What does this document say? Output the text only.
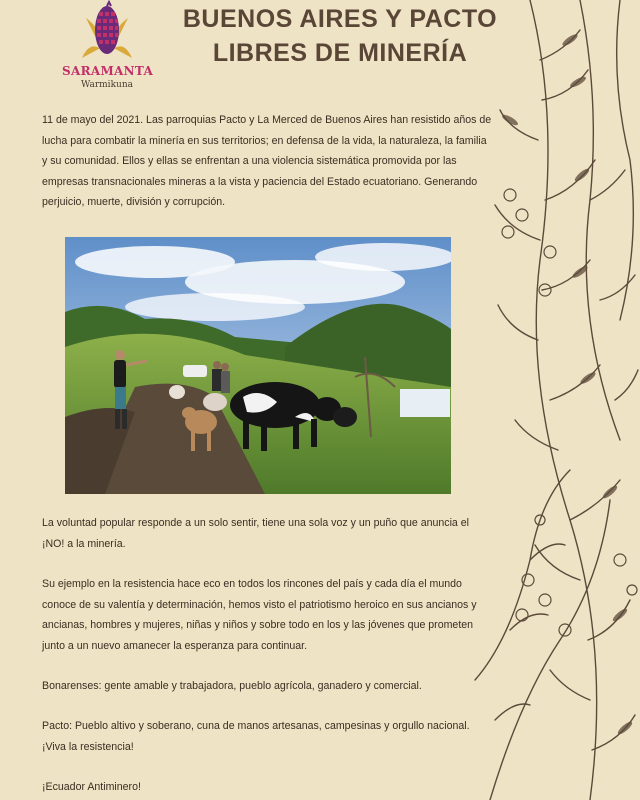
SARAMANTA
Warmikuna
BUENOS AIRES Y PACTO
LIBRES DE MINERÍA

11 de mayo del 2021. Las parroquias Pacto y La Merced de Buenos Aires han resistido años de lucha para combatir la minería en sus territorios; en defensa de la vida, la naturaleza, la familia y su comunidad. Ellos y ellas se enfrentan a una violencia sistemática promovida por las empresas transnacionales mineras a la vista y paciencia del Estado ecuatoriano. Generando perjuicio, muerte, división y corrupción.

La voluntad popular responde a un solo sentir, tiene una sola voz y un puño que anuncia el ¡NO! a la minería.

Su ejemplo en la resistencia hace eco en todos los rincones del país y cada día el mundo conoce de su valentía y determinación, hemos visto el patriotismo heroico en sus ancianos y ancianas, hombres y mujeres, niñas y niños y sobre todo en los y las jóvenes que prometen junto a un nuevo amanecer la esperanza para continuar.

Bonarenses: gente amable y trabajadora, pueblo agrícola, ganadero y comercial.

Pacto: Pueblo altivo y soberano, cuna de manos artesanas, campesinas y orgullo nacional. ¡Viva la resistencia!

¡Ecuador Antiminero!
